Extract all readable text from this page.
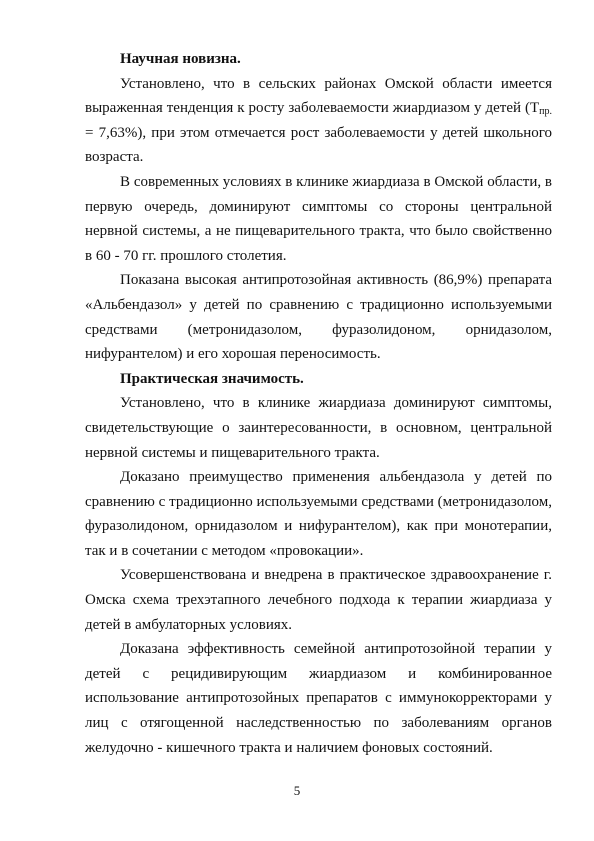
Научная новизна.

Установлено, что в сельских районах Омской области имеется выраженная тенденция к росту заболеваемости жиардиазом у детей $(Т_{пр.} = 7,63\%)$, при этом отмечается рост заболеваемости у детей школьного возраста.

В современных условиях в клинике жиардиаза в Омской области, в первую очередь, доминируют симптомы со стороны центральной нервной системы, а не пищеварительного тракта, что было свойственно в 60 - 70 гг. прошлого столетия.

Показана высокая антипротозойная активность (86,9%) препарата «Альбендазол» у детей по сравнению с традиционно используемыми средствами (метронидазолом, фуразолидоном, орнидазолом, нифурантелом) и его хорошая переносимость.

Практическая значимость.

Установлено, что в клинике жиардиаза доминируют симптомы, свидетельствующие о заинтересованности, в основном, центральной нервной системы и пищеварительного тракта.

Доказано преимущество применения альбендазола у детей по сравнению с традиционно используемыми средствами (метронидазолом, фуразолидоном, орнидазолом и нифурантелом), как при монотерапии, так и в сочетании с методом «провокации».

Усовершенствована и внедрена в практическое здравоохранение г. Омска схема трехэтапного лечебного подхода к терапии жиардиаза у детей в амбулаторных условиях.

Доказана эффективность семейной антипротозойной терапии у детей с рецидивирующим жиардиазом и комбинированное использование антипротозойных препаратов с иммунокорректорами у лиц с отягощенной наследственностью по заболеваниям органов желудочно - кишечного тракта и наличием фоновых состояний.

5
